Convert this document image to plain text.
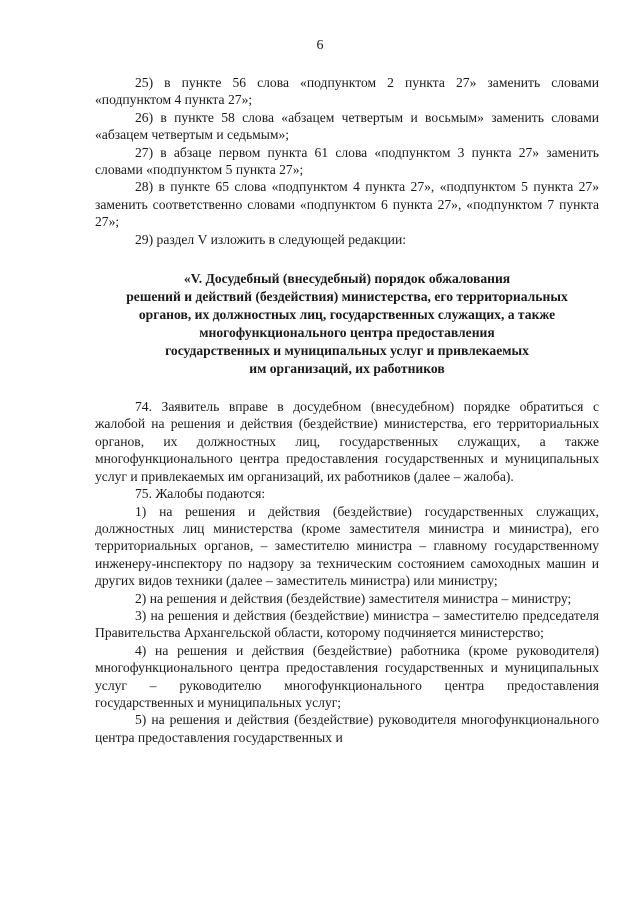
6

25) в пункте 56 слова «подпунктом 2 пункта 27» заменить словами «подпунктом 4 пункта 27»;

26) в пункте 58 слова «абзацем четвертым и восьмым» заменить словами «абзацем четвертым и седьмым»;

27) в абзаце первом пункта 61 слова «подпунктом 3 пункта 27» заменить словами «подпунктом 5 пункта 27»;

28) в пункте 65 слова «подпунктом 4 пункта 27», «подпунктом 5 пункта 27» заменить соответственно словами «подпунктом 6 пункта 27», «подпунктом 7 пункта 27»;

29) раздел V изложить в следующей редакции:

«V. Досудебный (внесудебный) порядок обжалования
решений и действий (бездействия) министерства, его территориальных
органов, их должностных лиц, государственных служащих, а также
многофункционального центра предоставления
государственных и муниципальных услуг и привлекаемых
им организаций, их работников

74. Заявитель вправе в досудебном (внесудебном) порядке обратиться с жалобой на решения и действия (бездействие) министерства, его территориальных органов, их должностных лиц, государственных служащих, а также многофункционального центра предоставления государственных и муниципальных услуг и привлекаемых им организаций, их работников (далее – жалоба).

75. Жалобы подаются:

1) на решения и действия (бездействие) государственных служащих, должностных лиц министерства (кроме заместителя министра и министра), его территориальных органов, – заместителю министра – главному государственному инженеру-инспектору по надзору за техническим состоянием самоходных машин и других видов техники (далее – заместитель министра) или министру;

2) на решения и действия (бездействие) заместителя министра – министру;

3) на решения и действия (бездействие) министра – заместителю председателя Правительства Архангельской области, которому подчиняется министерство;

4) на решения и действия (бездействие) работника (кроме руководителя) многофункционального центра предоставления государственных и муниципальных услуг – руководителю многофункционального центра предоставления государственных и муниципальных услуг;

5) на решения и действия (бездействие) руководителя многофункционального центра предоставления государственных и
